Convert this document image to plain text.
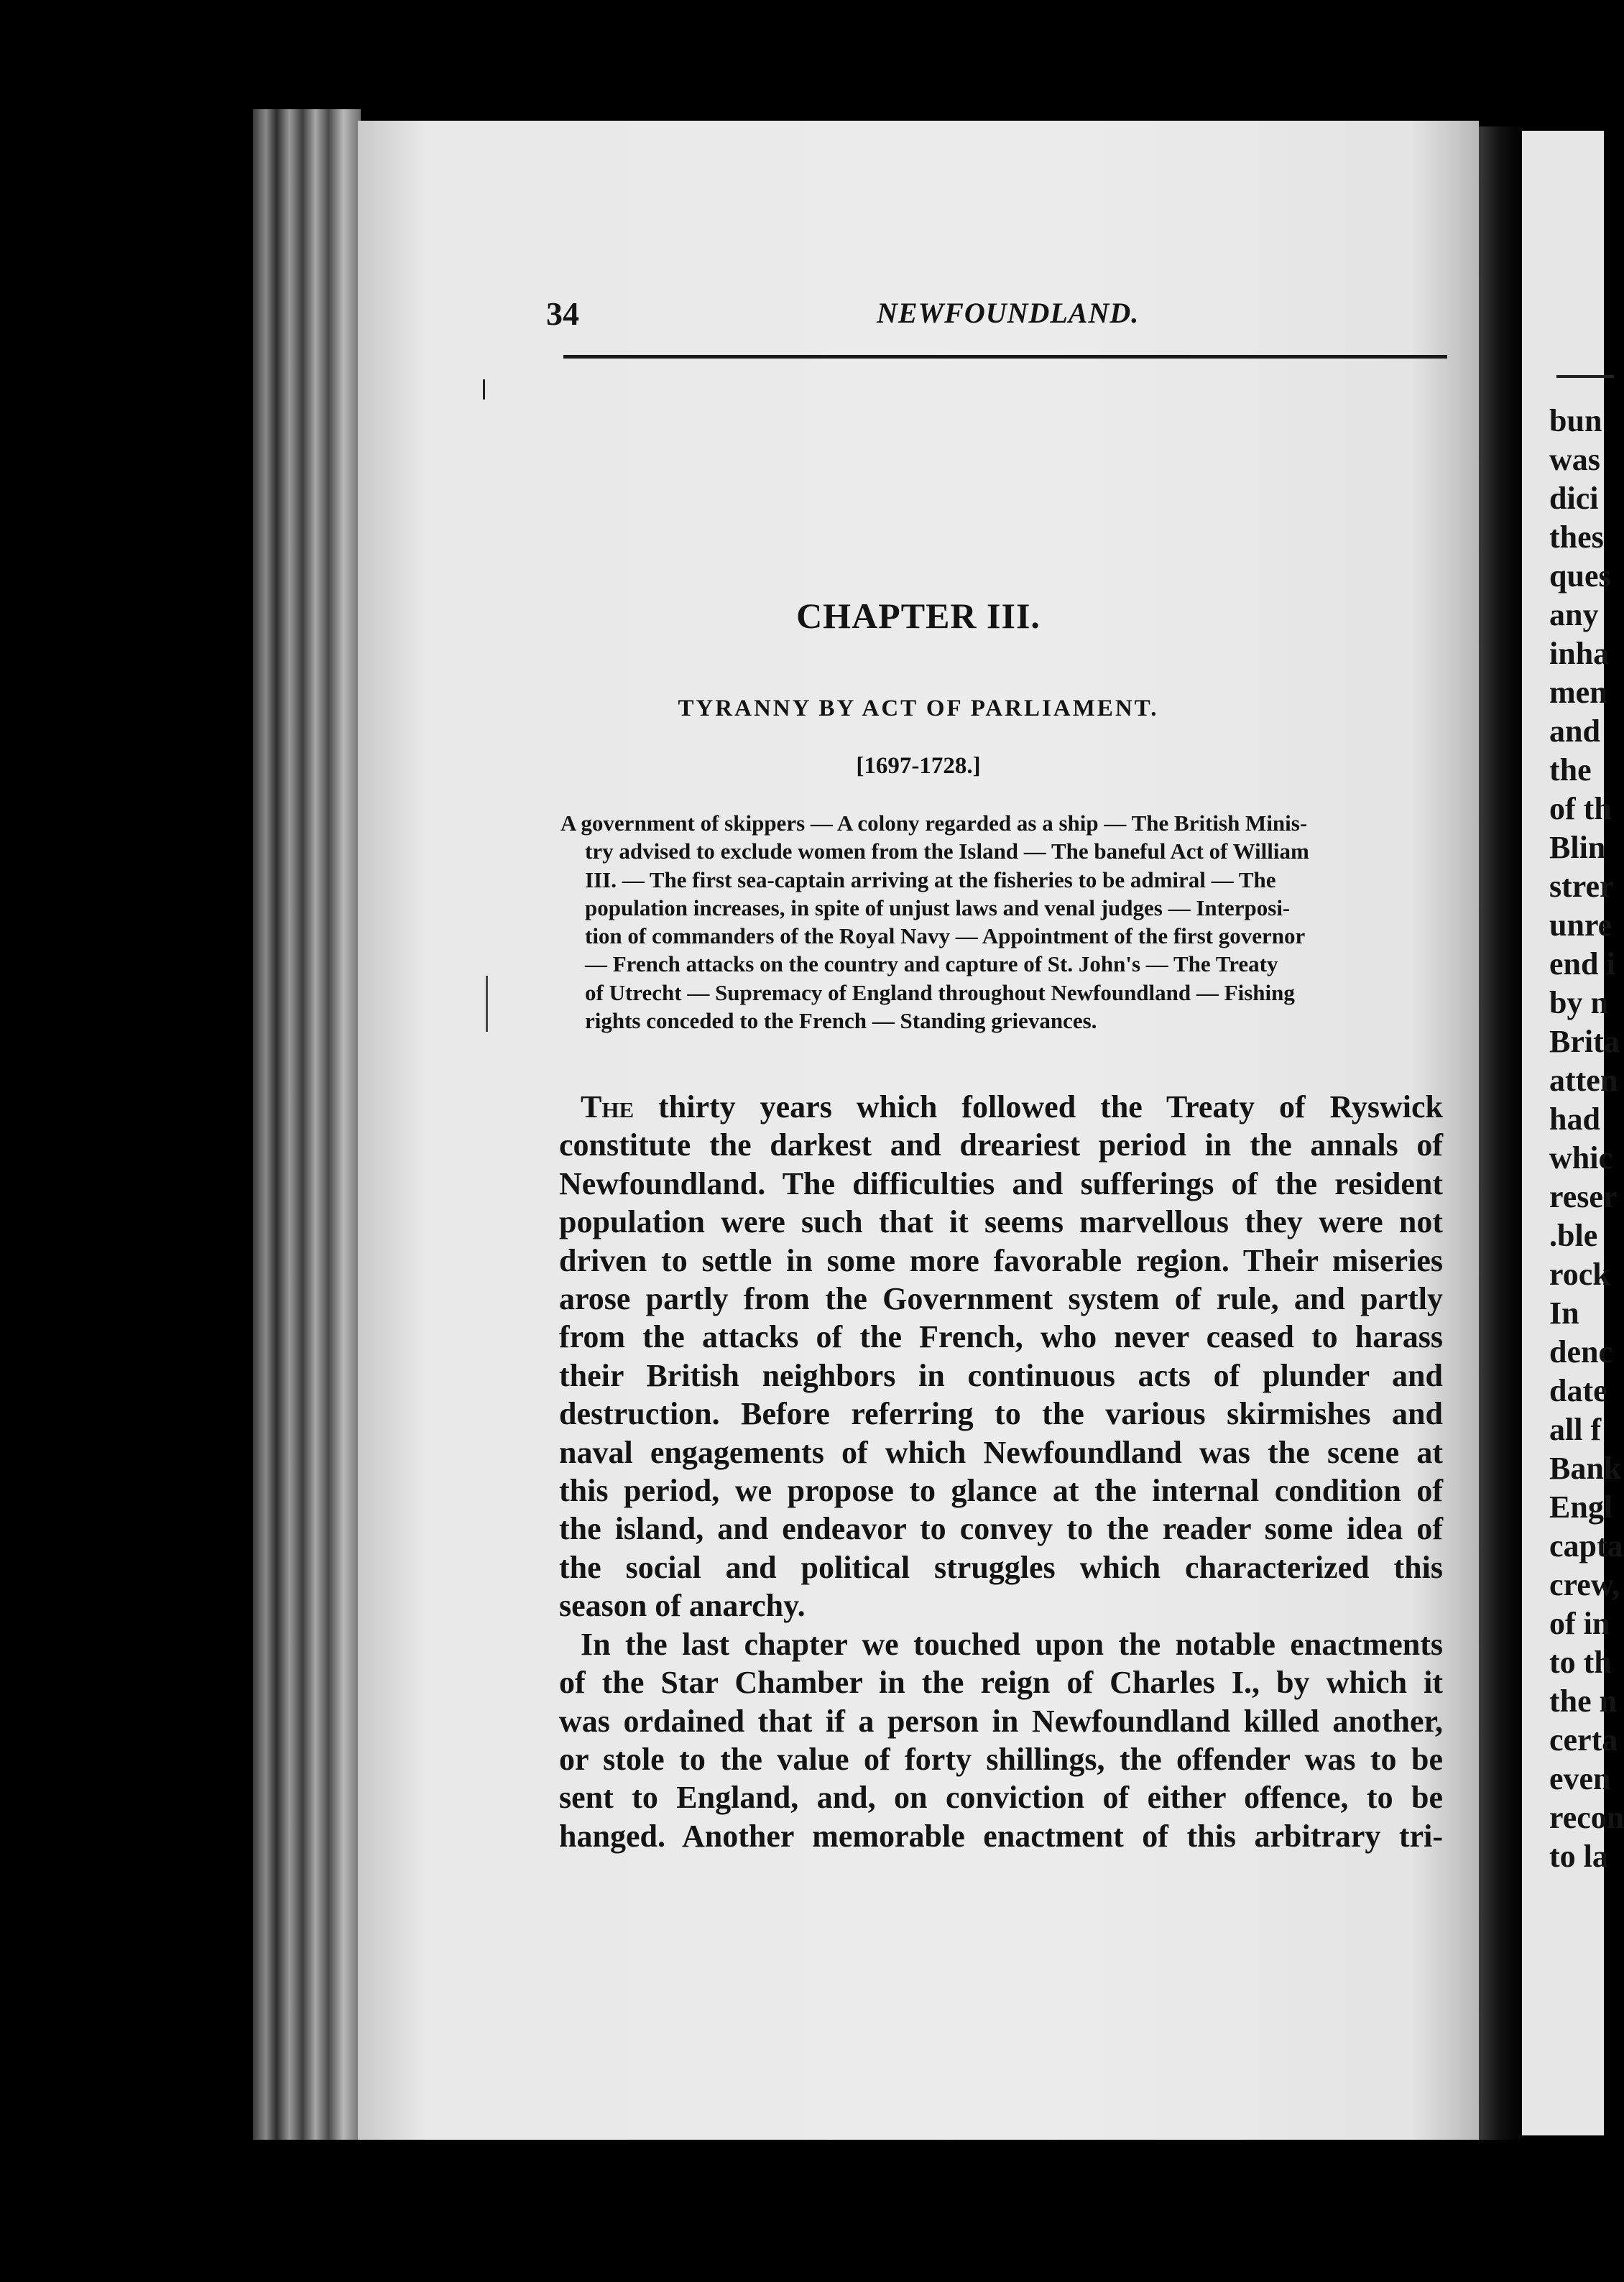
34	NEWFOUNDLAND.
CHAPTER III.
TYRANNY BY ACT OF PARLIAMENT.
[1697-1728.]
A government of skippers — A colony regarded as a ship — The British Minis-
try advised to exclude women from the Island — The baneful Act of William
III. — The first sea-captain arriving at the fisheries to be admiral — The
population increases, in spite of unjust laws and venal judges — Interposi-
tion of commanders of the Royal Navy — Appointment of the first governor
— French attacks on the country and capture of St. John's — The Treaty
of Utrecht — Supremacy of England throughout Newfoundland — Fishing
rights conceded to the French — Standing grievances.
The thirty years which followed the Treaty of Ryswick
constitute the darkest and dreariest period in the annals of
Newfoundland. The difficulties and sufferings of the resident
population were such that it seems marvellous they were not
driven to settle in some more favorable region. Their miseries
arose partly from the Government system of rule, and partly
from the attacks of the French, who never ceased to harass
their British neighbors in continuous acts of plunder and
destruction. Before referring to the various skirmishes and
naval engagements of which Newfoundland was the scene at
this period, we propose to glance at the internal condition of
the island, and endeavor to convey to the reader some idea of
the social and political struggles which characterized this
season of anarchy.
In the last chapter we touched upon the notable enactments
of the Star Chamber in the reign of Charles I., by which it
was ordained that if a person in Newfoundland killed another,
or stole to the value of forty shillings, the offender was to be
sent to England, and, on conviction of either offence, to be
hanged. Another memorable enactment of this arbitrary tri-
bun
was
dici
thes
ques
any
inha
men
and
the
of th
Blin
strer
unre
end i
by n
Brita
atten
had
whic
reser
.ble
rock
In
denc
date
all f
Bank
Engl
capta
crew,
of in
to th
the n
certa
even
recon
to la
